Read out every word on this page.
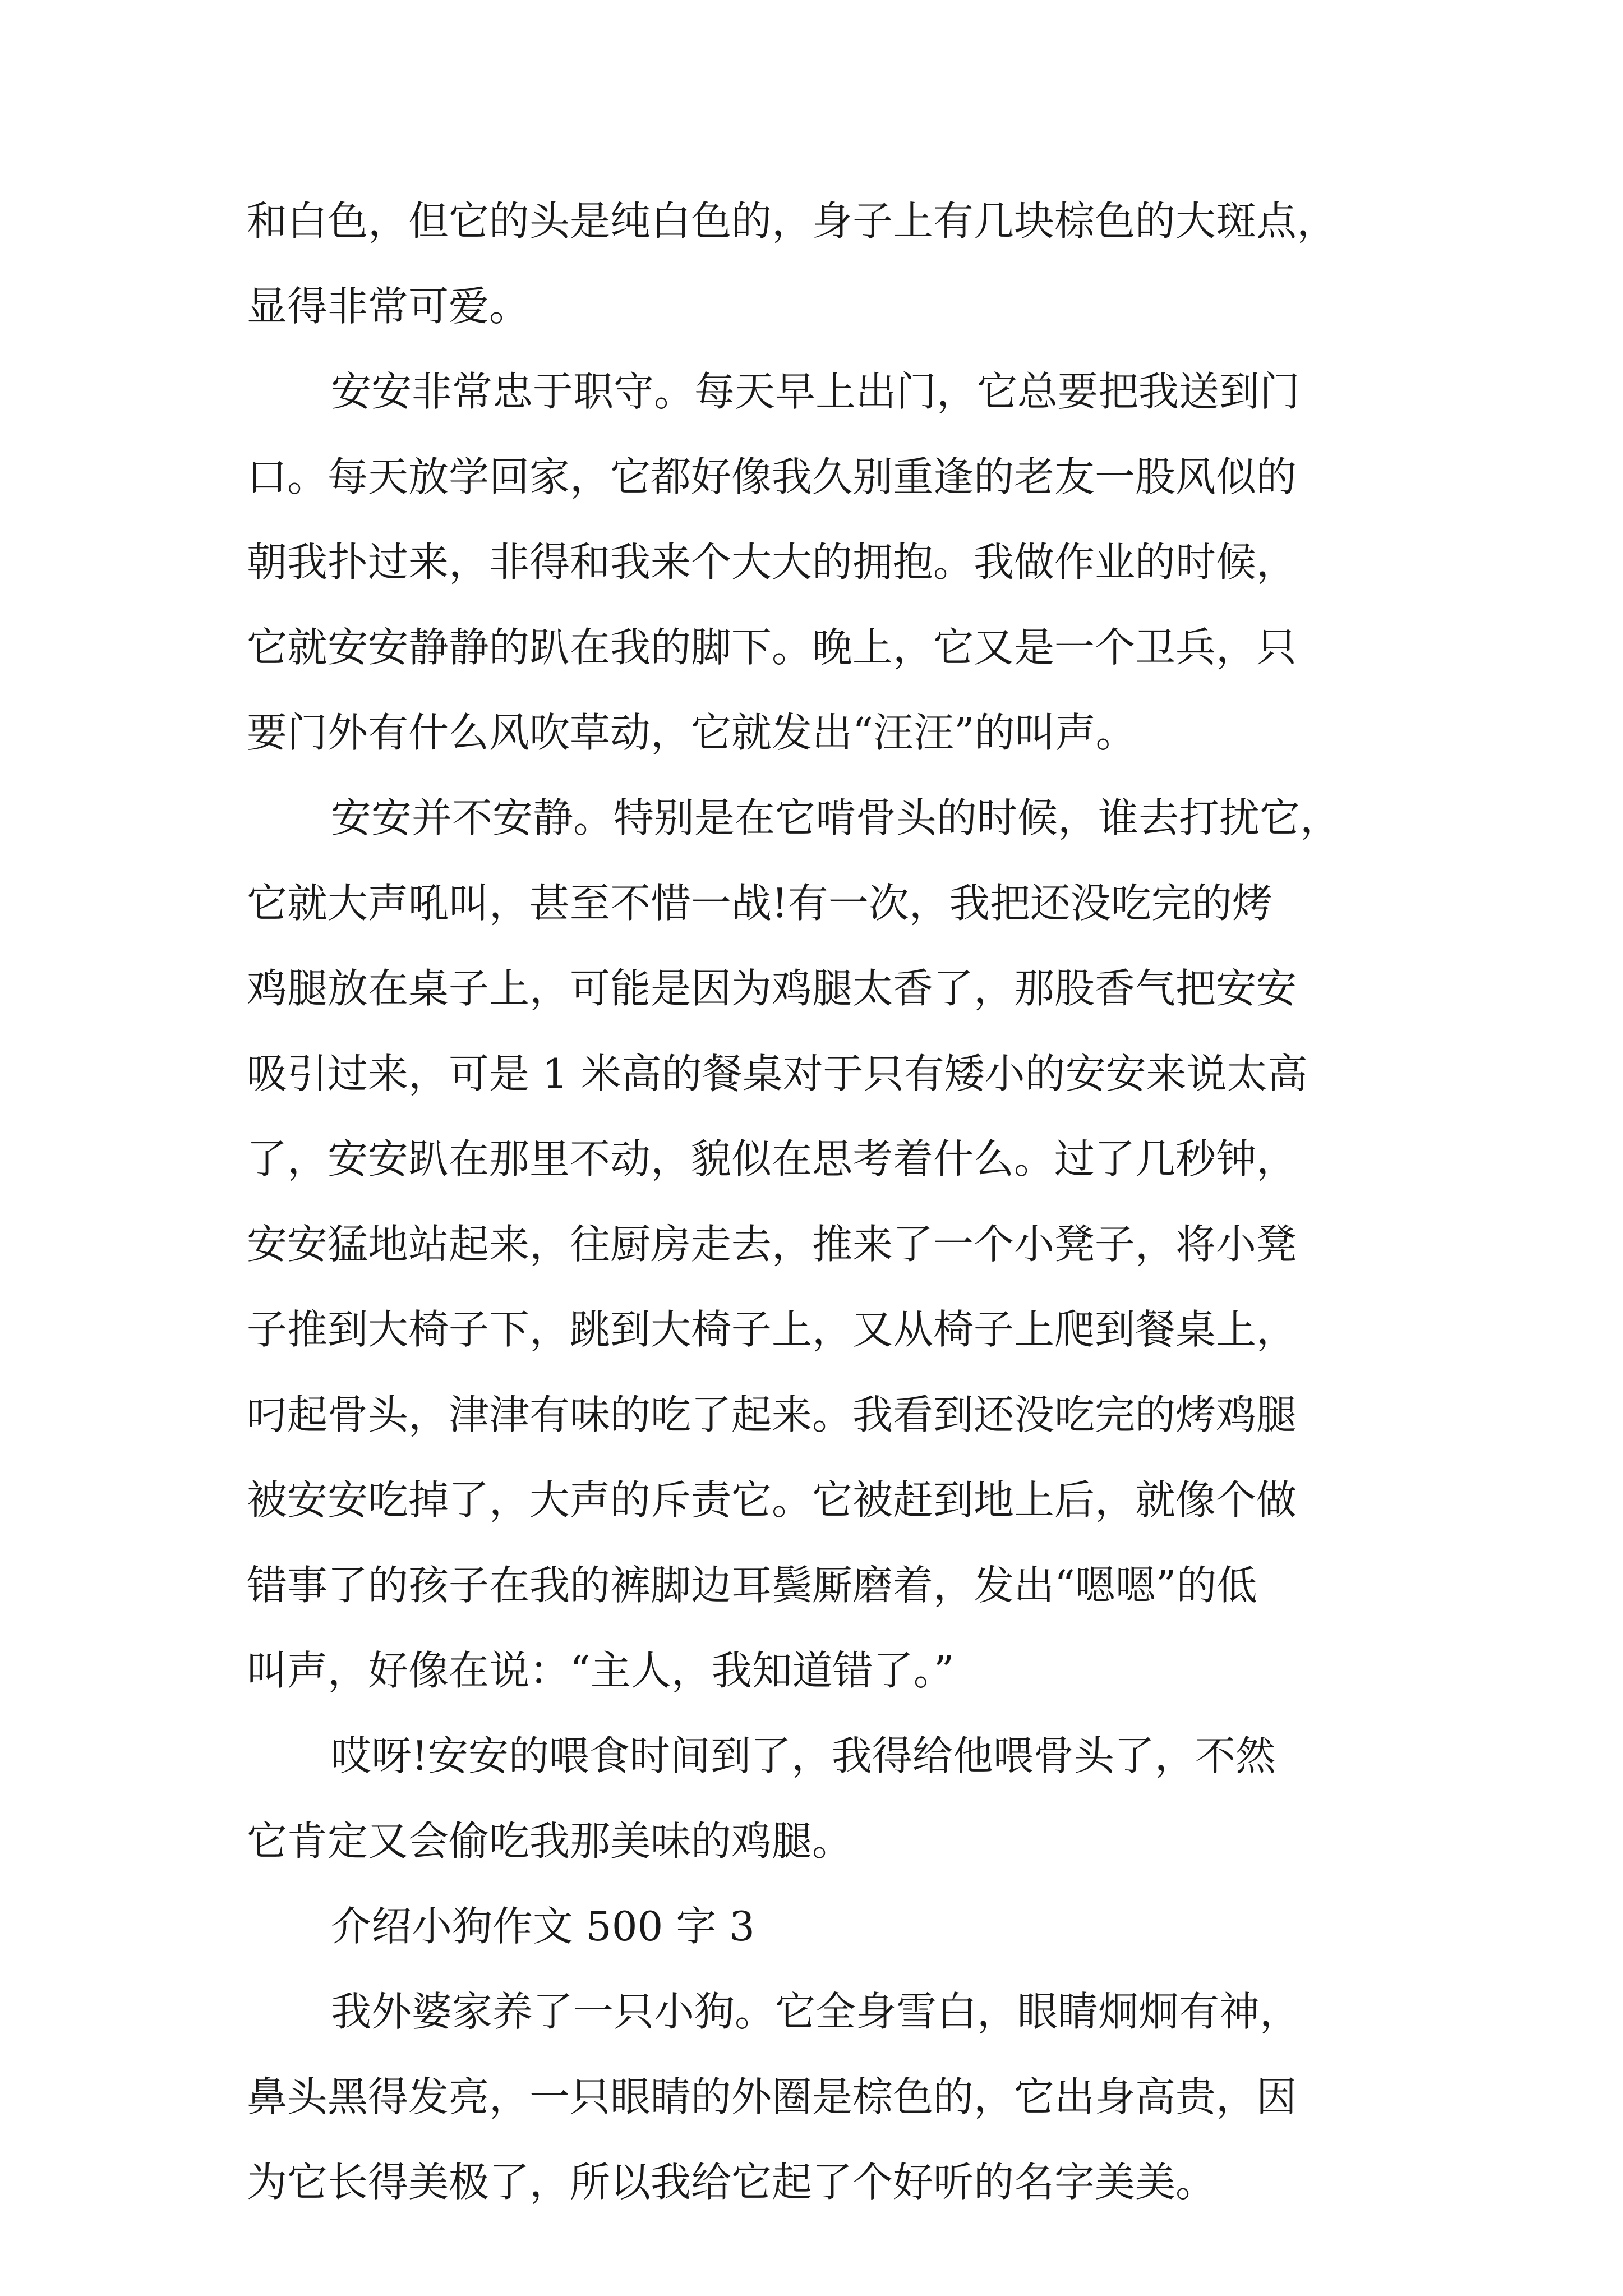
和白色，但它的头是纯白色的，身子上有几块棕色的大斑点，
显得非常可爱。
安安非常忠于职守。每天早上出门，它总要把我送到门
口。每天放学回家，它都好像我久别重逢的老友一股风似的
朝我扑过来，非得和我来个大大的拥抱。我做作业的时候，
它就安安静静的趴在我的脚下。晚上，它又是一个卫兵，只
要门外有什么风吹草动，它就发出“汪汪”的叫声。
安安并不安静。特别是在它啃骨头的时候，谁去打扰它，
它就大声吼叫，甚至不惜一战!有一次，我把还没吃完的烤
鸡腿放在桌子上，可能是因为鸡腿太香了，那股香气把安安
吸引过来，可是 1 米高的餐桌对于只有矮小的安安来说太高
了，安安趴在那里不动，貌似在思考着什么。过了几秒钟，
安安猛地站起来，往厨房走去，推来了一个小凳子，将小凳
子推到大椅子下，跳到大椅子上，又从椅子上爬到餐桌上，
叼起骨头，津津有味的吃了起来。我看到还没吃完的烤鸡腿
被安安吃掉了，大声的斥责它。它被赶到地上后，就像个做
错事了的孩子在我的裤脚边耳鬓厮磨着，发出“嗯嗯”的低
叫声，好像在说：“主人，我知道错了。”
哎呀!安安的喂食时间到了，我得给他喂骨头了，不然
它肯定又会偷吃我那美味的鸡腿。
介绍小狗作文 500 字 3
我外婆家养了一只小狗。它全身雪白，眼睛炯炯有神，
鼻头黑得发亮，一只眼睛的外圈是棕色的，它出身高贵，因
为它长得美极了，所以我给它起了个好听的名字美美。
